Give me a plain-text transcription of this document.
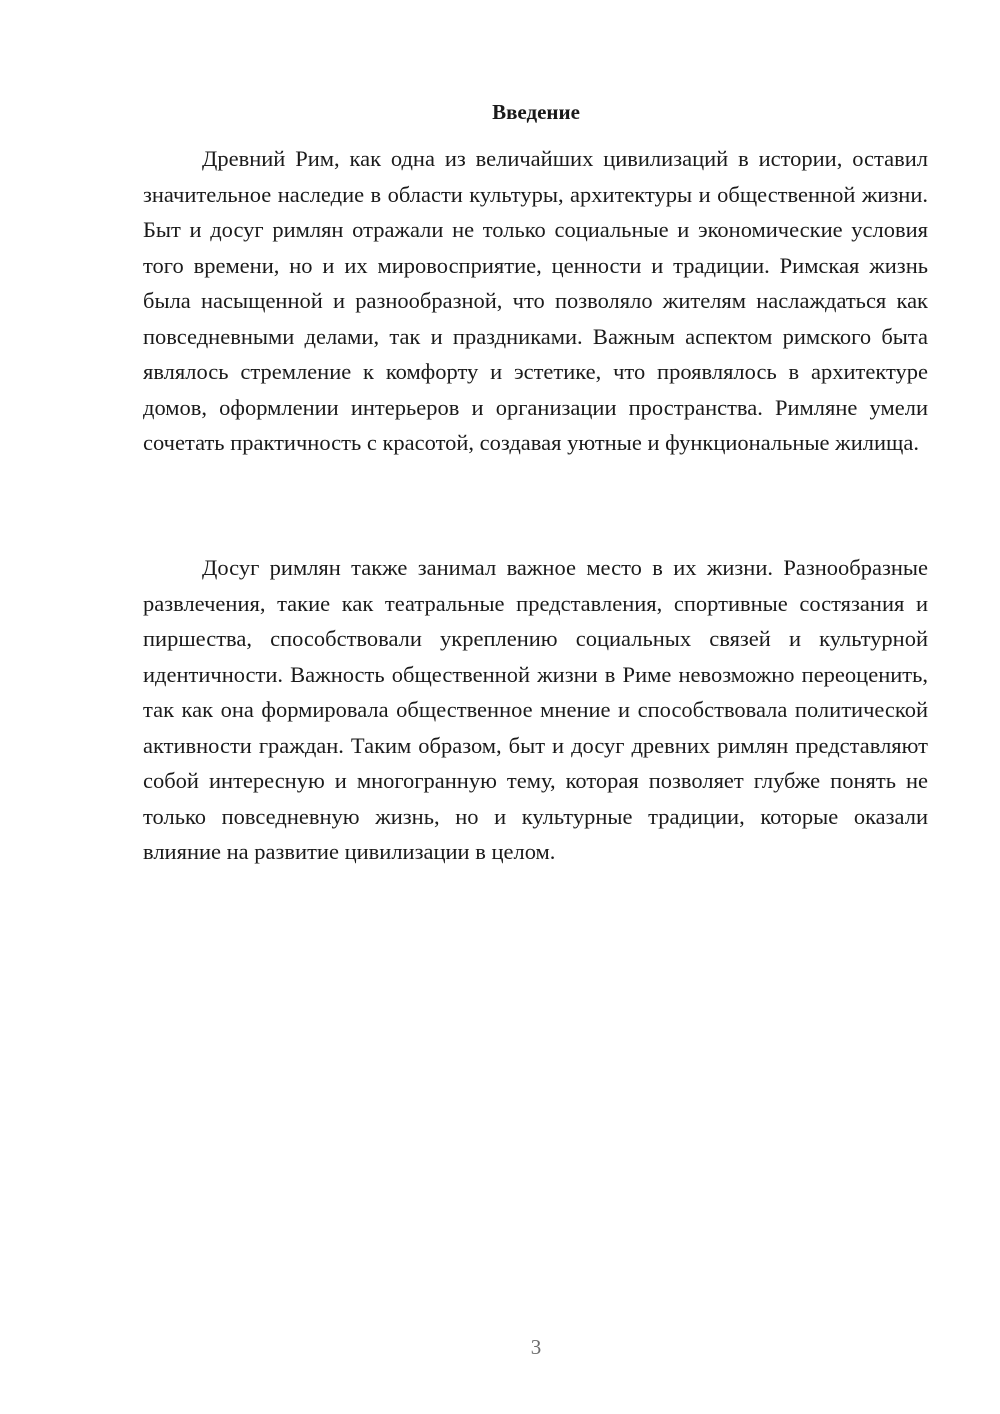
Введение

Древний Рим, как одна из величайших цивилизаций в истории, оставил значительное наследие в области культуры, архитектуры и общественной жизни. Быт и досуг римлян отражали не только социальные и экономические условия того времени, но и их мировосприятие, ценности и традиции. Римская жизнь была насыщенной и разнообразной, что позволяло жителям наслаждаться как повседневными делами, так и праздниками. Важным аспектом римского быта являлось стремление к комфорту и эстетике, что проявлялось в архитектуре домов, оформлении интерьеров и организации пространства. Римляне умели сочетать практичность с красотой, создавая уютные и функциональные жилища.

Досуг римлян также занимал важное место в их жизни. Разнообразные развлечения, такие как театральные представления, спортивные состязания и пиршества, способствовали укреплению социальных связей и культурной идентичности. Важность общественной жизни в Риме невозможно переоценить, так как она формировала общественное мнение и способствовала политической активности граждан. Таким образом, быт и досуг древних римлян представляют собой интересную и многогранную тему, которая позволяет глубже понять не только повседневную жизнь, но и культурные традиции, которые оказали влияние на развитие цивилизации в целом.

3
